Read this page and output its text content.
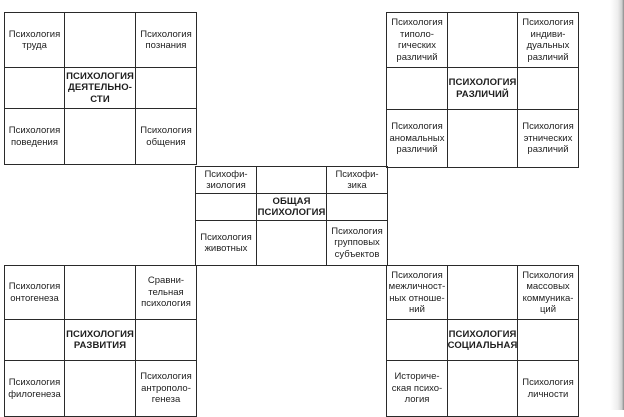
Психология
труда
Психология
познания
ПСИХОЛОГИЯ
ДЕЯТЕЛЬНО-
СТИ
Психология
поведения
Психология
общения
Психология
типоло-
гических
различий
Психология
индиви-
дуальных
различий
ПСИХОЛОГИЯ
РАЗЛИЧИЙ
Психология
аномальных
различий
Психология
этнических
различий
Психофи-
зиология
Психофи-
зика
ОБЩАЯ
ПСИХОЛОГИЯ
Психология
животных
Психология
групповых
субъектов
Психология
онтогенеза
Сравни-
тельная
психология
ПСИХОЛОГИЯ
РАЗВИТИЯ
Психология
филогенеза
Психология
антрополо-
генеза
Психология
межличност-
ных отноше-
ний
Психология
массовых
коммуника-
ций
ПСИХОЛОГИЯ
СОЦИАЛЬНАЯ
Историче-
ская психо-
логия
Психология
личности
